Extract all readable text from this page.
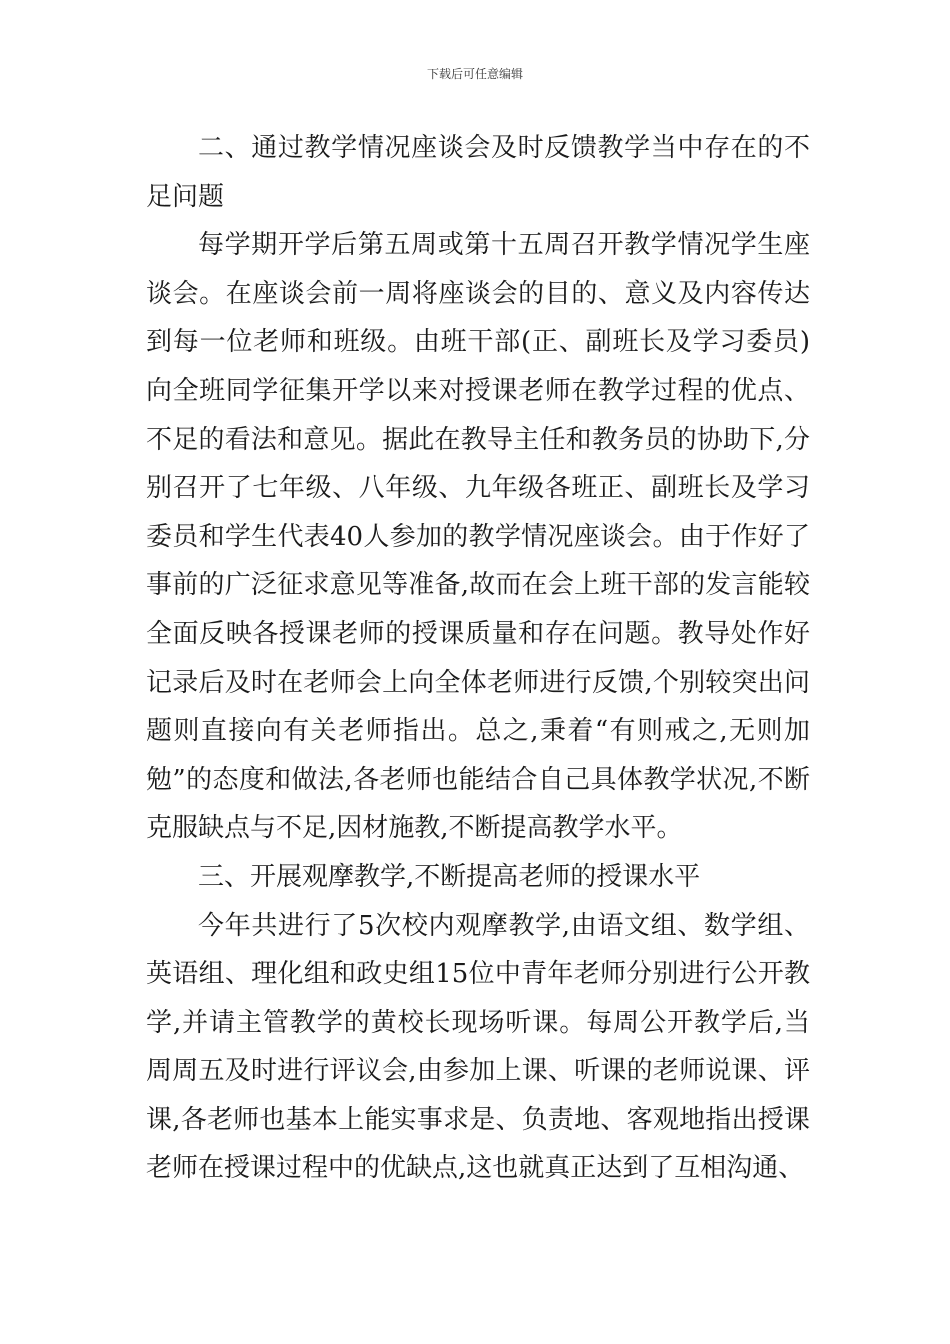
下载后可任意编辑

二、通过教学情况座谈会及时反馈教学当中存在的不足问题

每学期开学后第五周或第十五周召开教学情况学生座谈会。在座谈会前一周将座谈会的目的、意义及内容传达到每一位老师和班级。由班干部(正、副班长及学习委员)向全班同学征集开学以来对授课老师在教学过程的优点、不足的看法和意见。据此在教导主任和教务员的协助下,分别召开了七年级、八年级、九年级各班正、副班长及学习委员和学生代表40人参加的教学情况座谈会。由于作好了事前的广泛征求意见等准备,故而在会上班干部的发言能较全面反映各授课老师的授课质量和存在问题。教导处作好记录后及时在老师会上向全体老师进行反馈,个别较突出问题则直接向有关老师指出。总之,秉着“有则戒之,无则加勉”的态度和做法,各老师也能结合自己具体教学状况,不断克服缺点与不足,因材施教,不断提高教学水平。

三、开展观摩教学,不断提高老师的授课水平

今年共进行了5次校内观摩教学,由语文组、数学组、英语组、理化组和政史组15位中青年老师分别进行公开教学,并请主管教学的黄校长现场听课。每周公开教学后,当周周五及时进行评议会,由参加上课、听课的老师说课、评课,各老师也基本上能实事求是、负责地、客观地指出授课老师在授课过程中的优缺点,这也就真正达到了互相沟通、
